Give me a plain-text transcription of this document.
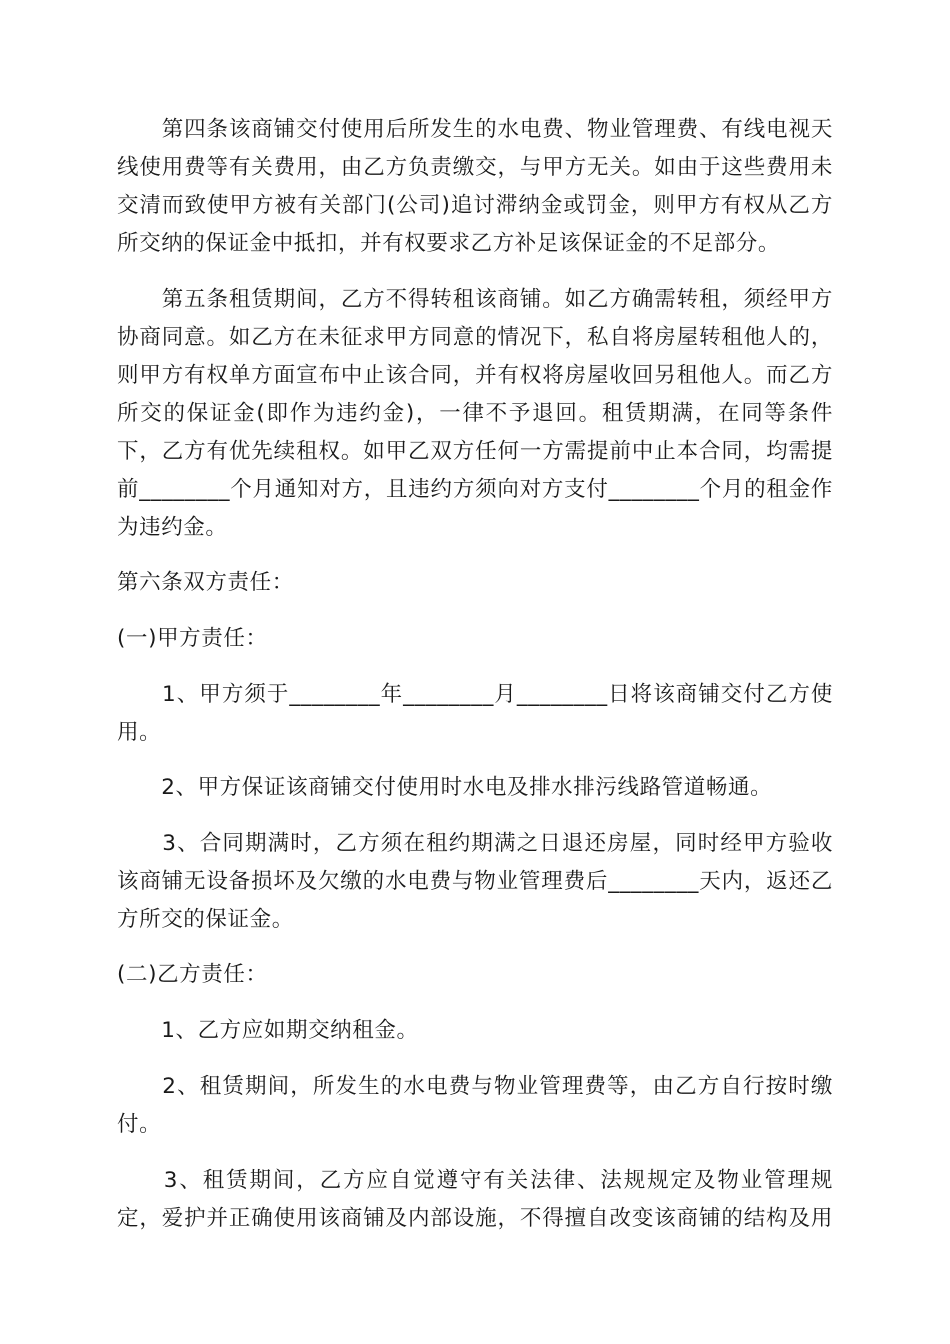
　　第四条该商铺交付使用后所发生的水电费、物业管理费、有线电视天
线使用费等有关费用，由乙方负责缴交，与甲方无关。如由于这些费用未
交清而致使甲方被有关部门(公司)追讨滞纳金或罚金，则甲方有权从乙方
所交纳的保证金中抵扣，并有权要求乙方补足该保证金的不足部分。
　　第五条租赁期间，乙方不得转租该商铺。如乙方确需转租，须经甲方
协商同意。如乙方在未征求甲方同意的情况下，私自将房屋转租他人的，
则甲方有权单方面宣布中止该合同，并有权将房屋收回另租他人。而乙方
所交的保证金(即作为违约金)，一律不予退回。租赁期满，在同等条件
下，乙方有优先续租权。如甲乙双方任何一方需提前中止本合同，均需提
前________个月通知对方，且违约方须向对方支付________个月的租金作
为违约金。
第六条双方责任：
(一)甲方责任：
　　1、甲方须于________年________月________日将该商铺交付乙方使
用。
　　2、甲方保证该商铺交付使用时水电及排水排污线路管道畅通。
　　3、合同期满时，乙方须在租约期满之日退还房屋，同时经甲方验收
该商铺无设备损坏及欠缴的水电费与物业管理费后________天内，返还乙
方所交的保证金。
(二)乙方责任：
　　1、乙方应如期交纳租金。
　　2、租赁期间，所发生的水电费与物业管理费等，由乙方自行按时缴
付。
　　3、租赁期间，乙方应自觉遵守有关法律、法规规定及物业管理规
定，爱护并正确使用该商铺及内部设施，不得擅自改变该商铺的结构及用
